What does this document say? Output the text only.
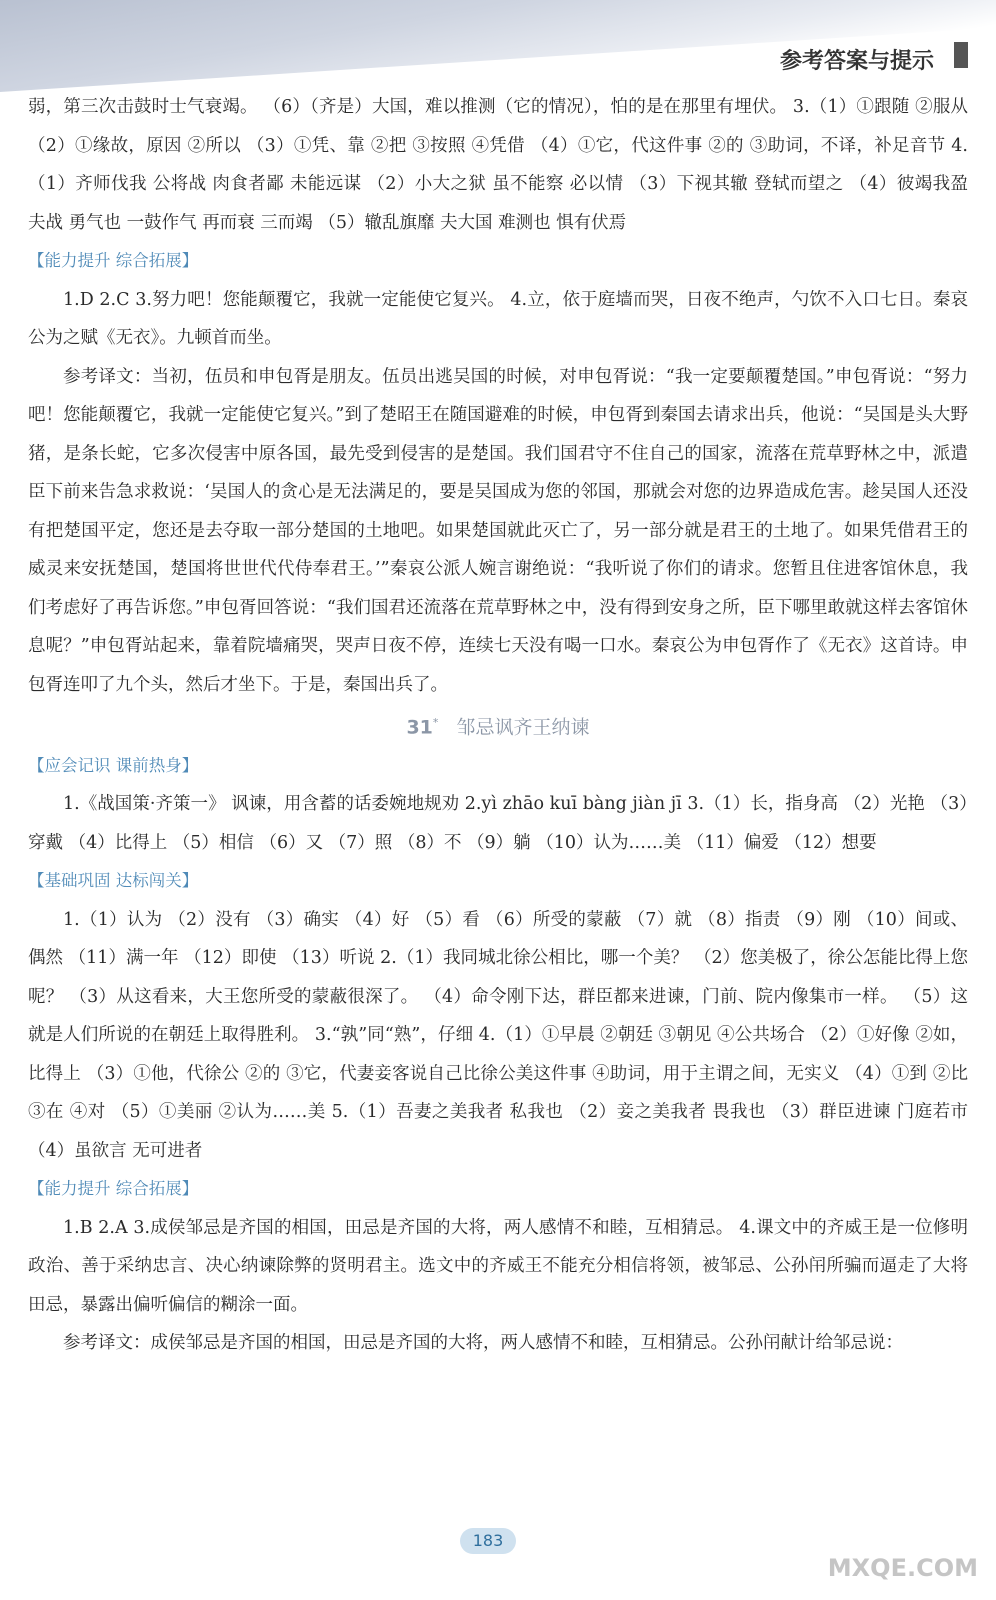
参考答案与提示

弱，第三次击鼓时士气衰竭。 （6）（齐是）大国，难以推测（它的情况），怕的是在那里有埋伏。 3.（1）①跟随 ②服从 （2）①缘故，原因 ②所以 （3）①凭、靠 ②把 ③按照 ④凭借 （4）①它，代这件事 ②的 ③助词，不译，补足音节 4.（1）齐师伐我 公将战 肉食者鄙 未能远谋 （2）小大之狱 虽不能察 必以情 （3）下视其辙 登轼而望之 （4）彼竭我盈 夫战 勇气也 一鼓作气 再而衰 三而竭 （5）辙乱旗靡 夫大国 难测也 惧有伏焉

【能力提升 综合拓展】

1.D 2.C 3.努力吧！您能颠覆它，我就一定能使它复兴。 4.立，依于庭墙而哭，日夜不绝声，勺饮不入口七日。秦哀公为之赋《无衣》。九顿首而坐。

参考译文：当初，伍员和申包胥是朋友。伍员出逃吴国的时候，对申包胥说：“我一定要颠覆楚国。”申包胥说：“努力吧！您能颠覆它，我就一定能使它复兴。”到了楚昭王在随国避难的时候，申包胥到秦国去请求出兵，他说：“吴国是头大野猪，是条长蛇，它多次侵害中原各国，最先受到侵害的是楚国。我们国君守不住自己的国家，流落在荒草野林之中，派遣臣下前来告急求救说：‘吴国人的贪心是无法满足的，要是吴国成为您的邻国，那就会对您的边界造成危害。趁吴国人还没有把楚国平定，您还是去夺取一部分楚国的土地吧。如果楚国就此灭亡了，另一部分就是君王的土地了。如果凭借君王的威灵来安抚楚国，楚国将世世代代侍奉君王。’”秦哀公派人婉言谢绝说：“我听说了你们的请求。您暂且住进客馆休息，我们考虑好了再告诉您。”申包胥回答说：“我们国君还流落在荒草野林之中，没有得到安身之所，臣下哪里敢就这样去客馆休息呢？”申包胥站起来，靠着院墙痛哭，哭声日夜不停，连续七天没有喝一口水。秦哀公为申包胥作了《无衣》这首诗。申包胥连叩了九个头，然后才坐下。于是，秦国出兵了。

31* 邹忌讽齐王纳谏

【应会记识 课前热身】

1.《战国策·齐策一》 讽谏，用含蓄的话委婉地规劝 2.yì zhāo kuī bàng jiàn jī 3.（1）长，指身高 （2）光艳 （3）穿戴 （4）比得上 （5）相信 （6）又 （7）照 （8）不 （9）躺 （10）认为……美 （11）偏爱 （12）想要

【基础巩固 达标闯关】

1.（1）认为 （2）没有 （3）确实 （4）好 （5）看 （6）所受的蒙蔽 （7）就 （8）指责 （9）刚 （10）间或、偶然 （11）满一年 （12）即使 （13）听说 2.（1）我同城北徐公相比，哪一个美？ （2）您美极了，徐公怎能比得上您呢？ （3）从这看来，大王您所受的蒙蔽很深了。 （4）命令刚下达，群臣都来进谏，门前、院内像集市一样。 （5）这就是人们所说的在朝廷上取得胜利。 3.“孰”同“熟”，仔细 4.（1）①早晨 ②朝廷 ③朝见 ④公共场合 （2）①好像 ②如，比得上 （3）①他，代徐公 ②的 ③它，代妻妾客说自己比徐公美这件事 ④助词，用于主谓之间，无实义 （4）①到 ②比 ③在 ④对 （5）①美丽 ②认为……美 5.（1）吾妻之美我者 私我也 （2）妾之美我者 畏我也 （3）群臣进谏 门庭若市 （4）虽欲言 无可进者

【能力提升 综合拓展】

1.B 2.A 3.成侯邹忌是齐国的相国，田忌是齐国的大将，两人感情不和睦，互相猜忌。 4.课文中的齐威王是一位修明政治、善于采纳忠言、决心纳谏除弊的贤明君主。选文中的齐威王不能充分相信将领，被邹忌、公孙闬所骗而逼走了大将田忌，暴露出偏听偏信的糊涂一面。

参考译文：成侯邹忌是齐国的相国，田忌是齐国的大将，两人感情不和睦，互相猜忌。公孙闬献计给邹忌说：

183
MXQE.COM
